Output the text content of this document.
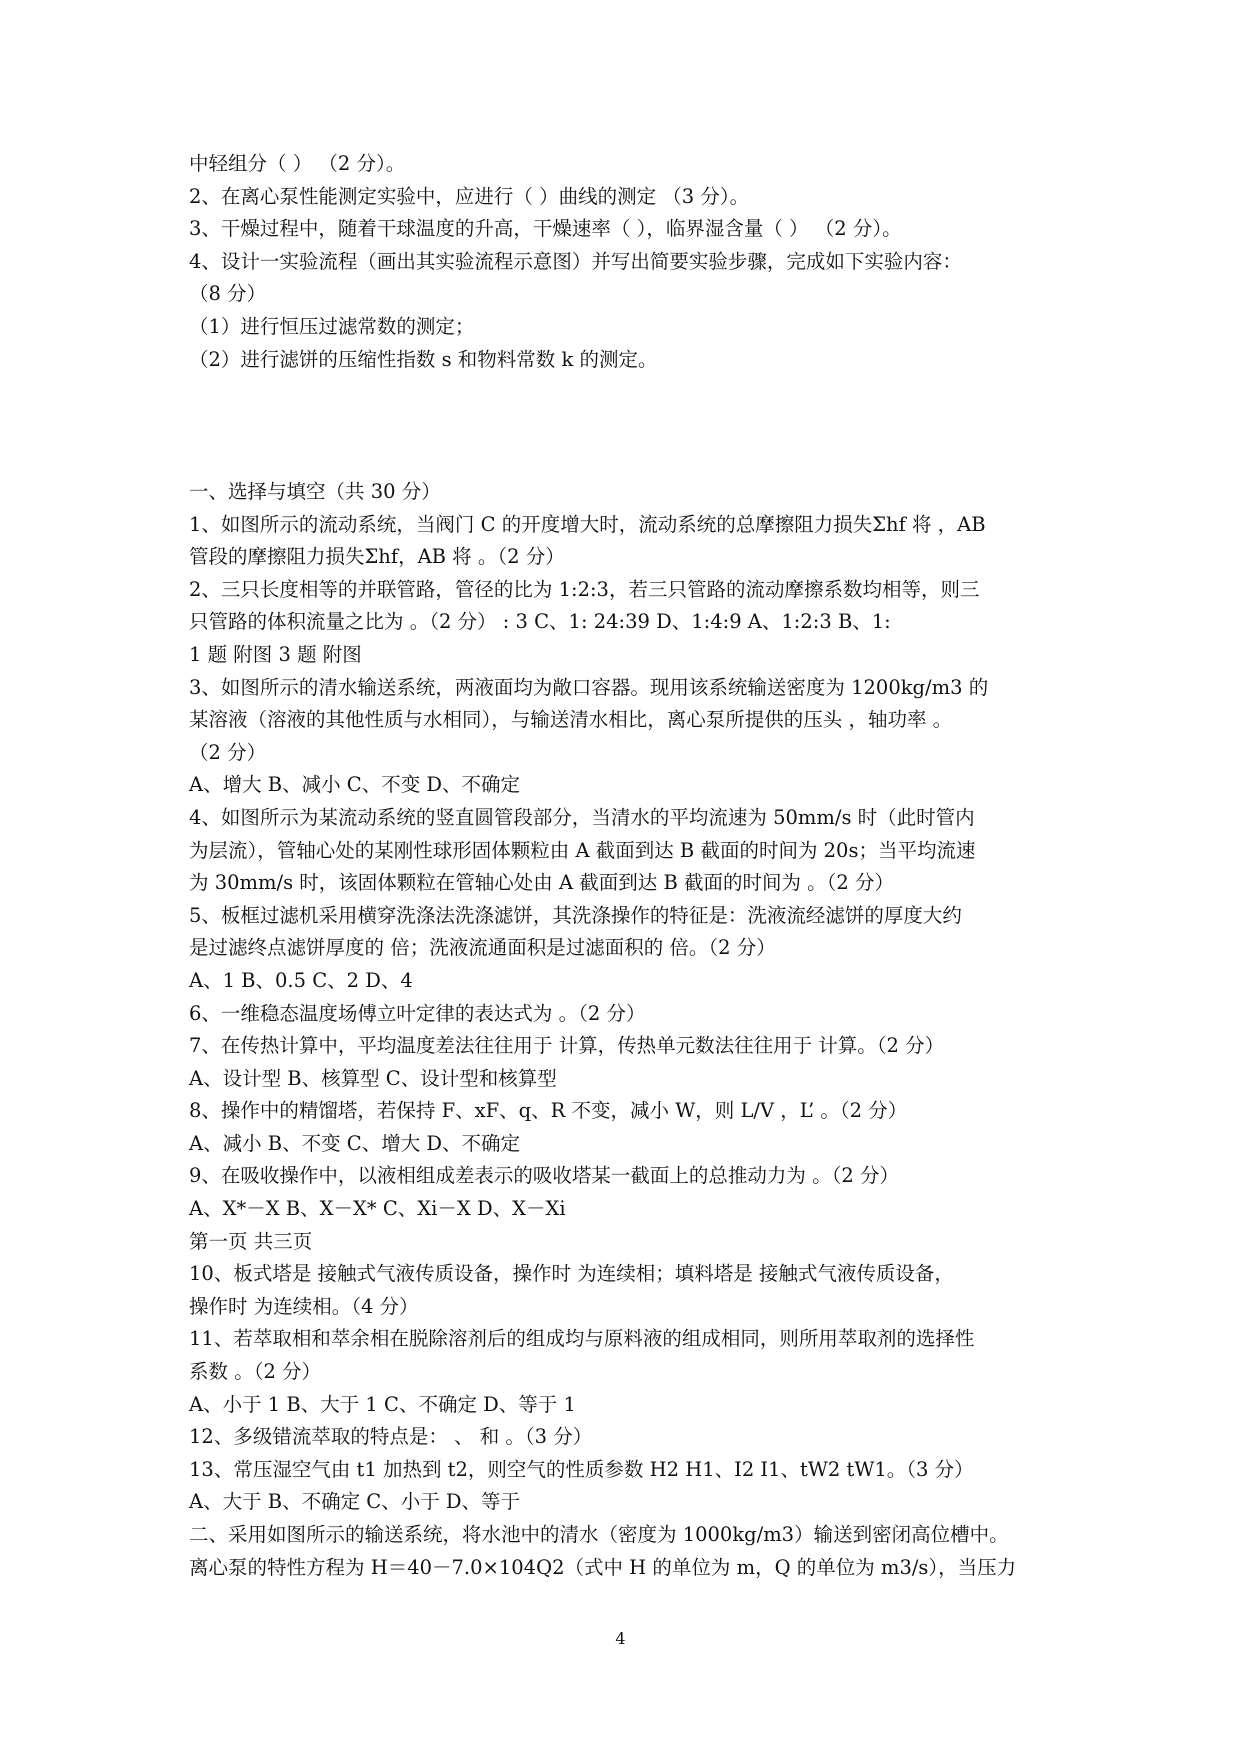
中轻组分（ ） （2 分）。
2、在离心泵性能测定实验中，应进行（ ）曲线的测定 （3 分）。
3、干燥过程中，随着干球温度的升高，干燥速率（ ），临界湿含量（ ） （2 分）。
4、设计一实验流程（画出其实验流程示意图）并写出简要实验步骤，完成如下实验内容：
（8 分）
（1）进行恒压过滤常数的测定；
（2）进行滤饼的压缩性指数 s 和物料常数 k 的测定。
一、选择与填空（共 30 分）
1、如图所示的流动系统，当阀门 C 的开度增大时，流动系统的总摩擦阻力损失Σhf 将 ，AB
管段的摩擦阻力损失Σhf，AB 将 。（2 分）
2、三只长度相等的并联管路，管径的比为 1:2:3，若三只管路的流动摩擦系数均相等，则三
只管路的体积流量之比为 。（2 分） : 3 C、1: 24:39 D、1:4:9 A、1:2:3 B、1:
1 题 附图 3 题 附图
3、如图所示的清水输送系统，两液面均为敞口容器。现用该系统输送密度为 1200kg/m3 的
某溶液（溶液的其他性质与水相同），与输送清水相比，离心泵所提供的压头 ，轴功率 。
（2 分）
A、增大 B、减小 C、不变 D、不确定
4、如图所示为某流动系统的竖直圆管段部分，当清水的平均流速为 50mm/s 时（此时管内
为层流），管轴心处的某刚性球形固体颗粒由 A 截面到达 B 截面的时间为 20s；当平均流速
为 30mm/s 时，该固体颗粒在管轴心处由 A 截面到达 B 截面的时间为 。（2 分）
5、板框过滤机采用横穿洗涤法洗涤滤饼，其洗涤操作的特征是：洗液流经滤饼的厚度大约
是过滤终点滤饼厚度的 倍；洗液流通面积是过滤面积的 倍。（2 分）
A、1 B、0.5 C、2 D、4
6、一维稳态温度场傅立叶定律的表达式为 。（2 分）
7、在传热计算中，平均温度差法往往用于 计算，传热单元数法往往用于 计算。（2 分）
A、设计型 B、核算型 C、设计型和核算型
8、操作中的精馏塔，若保持 F、xF、q、R 不变，减小 W，则 L/V ，L’ 。（2 分）
A、减小 B、不变 C、增大 D、不确定
9、在吸收操作中，以液相组成差表示的吸收塔某一截面上的总推动力为 。（2 分）
A、X*－X B、X－X* C、Xi－X D、X－Xi
第一页 共三页
10、板式塔是 接触式气液传质设备，操作时 为连续相；填料塔是 接触式气液传质设备，
操作时 为连续相。（4 分）
11、若萃取相和萃余相在脱除溶剂后的组成均与原料液的组成相同，则所用萃取剂的选择性
系数 。（2 分）
A、小于 1 B、大于 1 C、不确定 D、等于 1
12、多级错流萃取的特点是： 、 和 。（3 分）
13、常压湿空气由 t1 加热到 t2，则空气的性质参数 H2 H1、I2 I1、tW2 tW1。（3 分）
A、大于 B、不确定 C、小于 D、等于
二、采用如图所示的输送系统，将水池中的清水（密度为 1000kg/m3）输送到密闭高位槽中。
离心泵的特性方程为 H＝40－7.0×104Q2（式中 H 的单位为 m，Q 的单位为 m3/s），当压力
4
